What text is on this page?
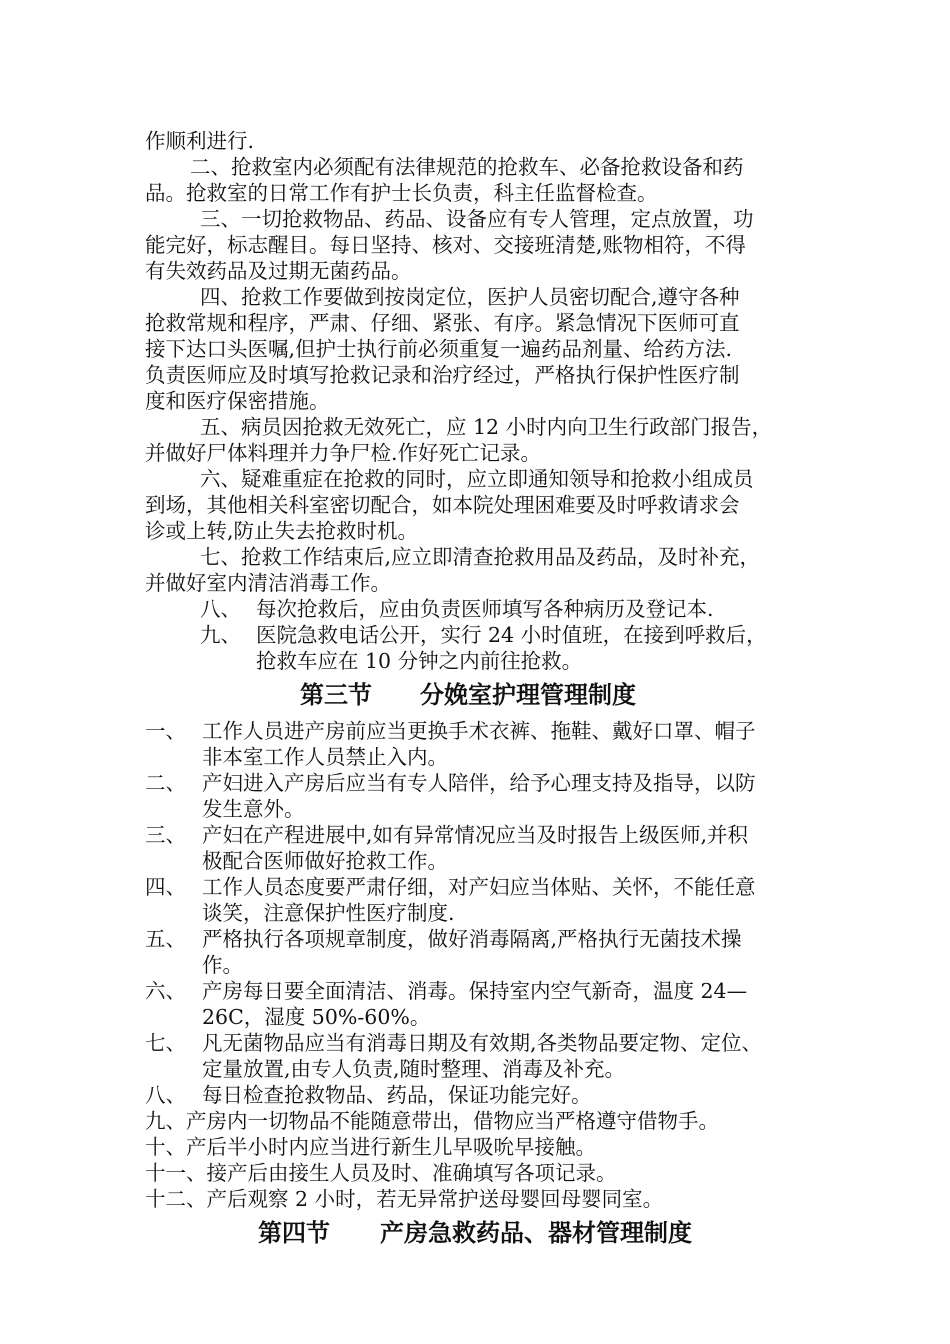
作顺利进行.
二、抢救室内必须配有法律规范的抢救车、必备抢救设备和药
品。抢救室的日常工作有护士长负责，科主任监督检查。
三、一切抢救物品、药品、设备应有专人管理，定点放置，功
能完好，标志醒目。每日坚持、核对、交接班清楚,账物相符，不得
有失效药品及过期无菌药品。
四、抢救工作要做到按岗定位，医护人员密切配合,遵守各种
抢救常规和程序，严肃、仔细、紧张、有序。紧急情况下医师可直
接下达口头医嘱,但护士执行前必须重复一遍药品剂量、给药方法.
负责医师应及时填写抢救记录和治疗经过，严格执行保护性医疗制
度和医疗保密措施。
五、病员因抢救无效死亡，应 12 小时内向卫生行政部门报告，
并做好尸体料理并力争尸检.作好死亡记录。
六、疑难重症在抢救的同时，应立即通知领导和抢救小组成员
到场，其他相关科室密切配合，如本院处理困难要及时呼救请求会
诊或上转,防止失去抢救时机。
七、抢救工作结束后,应立即清查抢救用品及药品，及时补充，
并做好室内清洁消毒工作。
八、 每次抢救后，应由负责医师填写各种病历及登记本.
九、 医院急救电话公开，实行 24 小时值班，在接到呼救后，
抢救车应在 10 分钟之内前往抢救。
第三节 分娩室护理管理制度
一、 工作人员进产房前应当更换手术衣裤、拖鞋、戴好口罩、帽子
非本室工作人员禁止入内。
二、 产妇进入产房后应当有专人陪伴，给予心理支持及指导，以防
发生意外。
三、 产妇在产程进展中,如有异常情况应当及时报告上级医师,并积
极配合医师做好抢救工作。
四、 工作人员态度要严肃仔细，对产妇应当体贴、关怀，不能任意
谈笑，注意保护性医疗制度.
五、 严格执行各项规章制度，做好消毒隔离,严格执行无菌技术操
作。
六、 产房每日要全面清洁、消毒。保持室内空气新奇，温度 24—
26C，湿度 50%-60%。
七、 凡无菌物品应当有消毒日期及有效期,各类物品要定物、定位、
定量放置,由专人负责,随时整理、消毒及补充。
八、 每日检查抢救物品、药品，保证功能完好。
九、产房内一切物品不能随意带出，借物应当严格遵守借物手。
十、产后半小时内应当进行新生儿早吸吮早接触。
十一、接产后由接生人员及时、准确填写各项记录。
十二、产后观察 2 小时，若无异常护送母婴回母婴同室。
第四节 产房急救药品、器材管理制度
